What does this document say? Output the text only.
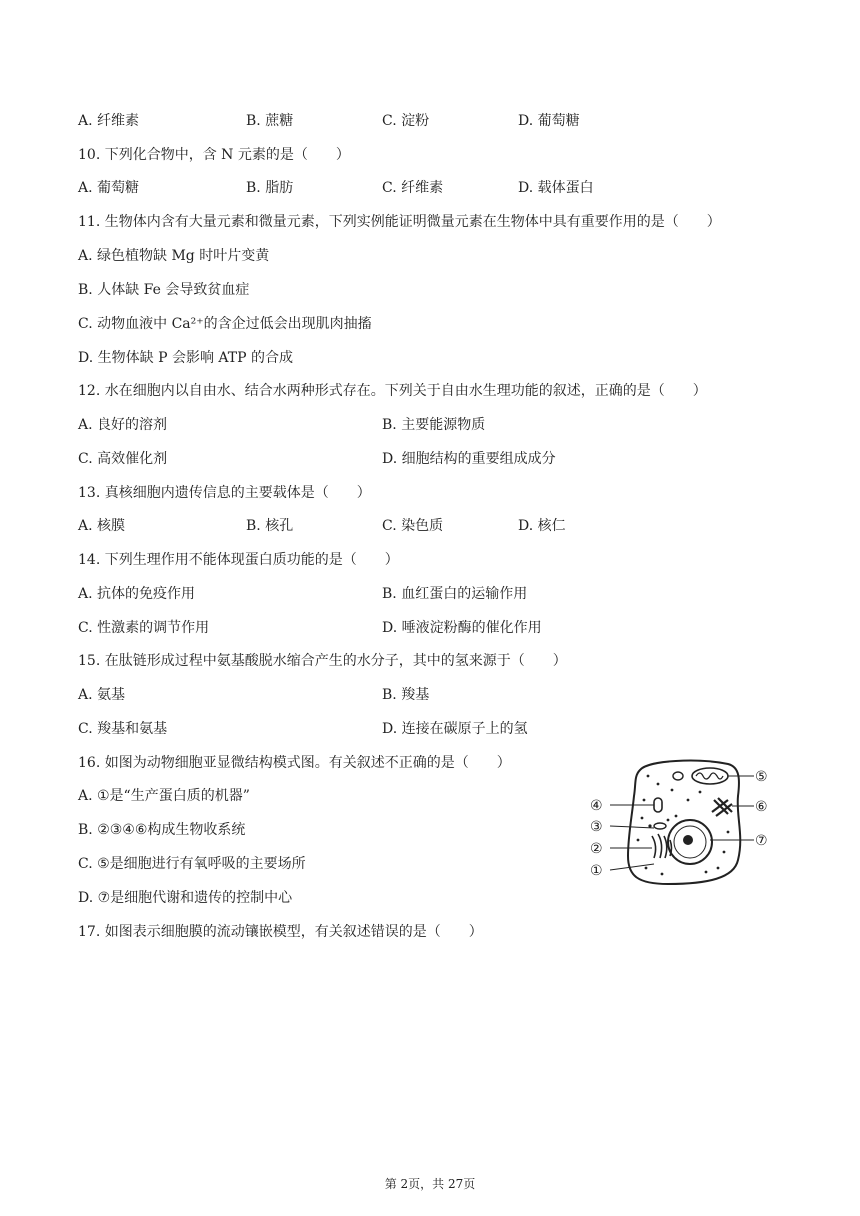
A. 纤维素	B. 蔗糖	C. 淀粉	D. 葡萄糖
10. 下列化合物中，含 N 元素的是（　　）
A. 葡萄糖	B. 脂肪	C. 纤维素	D. 载体蛋白
11. 生物体内含有大量元素和微量元素，下列实例能证明微量元素在生物体中具有重要作用的是（　　）
A. 绿色植物缺 Mg 时叶片变黄
B. 人体缺 Fe 会导致贫血症
C. 动物血液中 Ca²⁺的含企过低会出现肌肉抽搐
D. 生物体缺 P 会影响 ATP 的合成
12. 水在细胞内以自由水、结合水两种形式存在。下列关于自由水生理功能的叙述，正确的是（　　）
A. 良好的溶剂	B. 主要能源物质
C. 高效催化剂	D. 细胞结构的重要组成成分
13. 真核细胞内遗传信息的主要载体是（　　）
A. 核膜	B. 核孔	C. 染色质	D. 核仁
14. 下列生理作用不能体现蛋白质功能的是（　　）
A. 抗体的免疫作用	B. 血红蛋白的运输作用
C. 性激素的调节作用	D. 唾液淀粉酶的催化作用
15. 在肽链形成过程中氨基酸脱水缩合产生的水分子，其中的氢来源于（　　）
A. 氨基	B. 羧基
C. 羧基和氨基	D. 连接在碳原子上的氢
16. 如图为动物细胞亚显微结构模式图。有关叙述不正确的是（　　）
A. ①是“生产蛋白质的机器”
B. ②③④⑥构成生物收系统
C. ⑤是细胞进行有氧呼吸的主要场所
D. ⑦是细胞代谢和遗传的控制中心
④
③
②
①
⑤
⑥
⑦
17. 如图表示细胞膜的流动镶嵌模型，有关叙述错误的是（　　）
第 2页，共 27页
